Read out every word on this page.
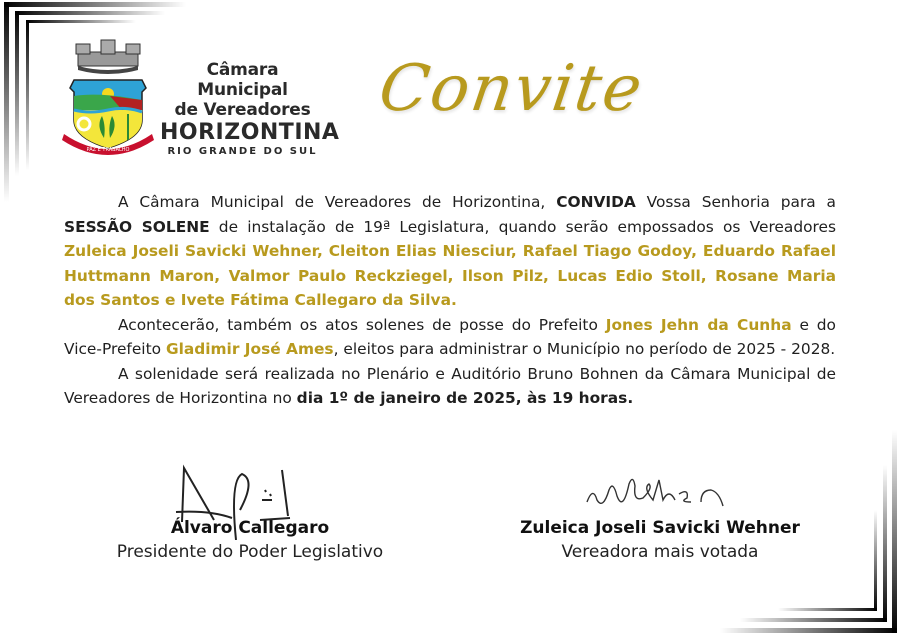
PAZ E TRABALHO
Câmara Municipal
de Vereadores
HORIZONTINA
RIO GRANDE DO SUL
Convite

A Câmara Municipal de Vereadores de Horizontina, CONVIDA Vossa Senhoria para a SESSÃO SOLENE de instalação de 19ª Legislatura, quando serão empossados os Vereadores Zuleica Joseli Savicki Wehner, Cleiton Elias Niesciur, Rafael Tiago Godoy, Eduardo Rafael Huttmann Maron, Valmor Paulo Reckziegel, Ilson Pilz, Lucas Edio Stoll, Rosane Maria dos Santos e Ivete Fátima Callegaro da Silva.

Acontecerão, também os atos solenes de posse do Prefeito Jones Jehn da Cunha e do Vice-Prefeito Gladimir José Ames, eleitos para administrar o Município no período de 2025 - 2028.

A solenidade será realizada no Plenário e Auditório Bruno Bohnen da Câmara Municipal de Vereadores de Horizontina no dia 1º de janeiro de 2025, às 19 horas.

Álvaro Callegaro
Presidente do Poder Legislativo
Zuleica Joseli Savicki Wehner
Vereadora mais votada
